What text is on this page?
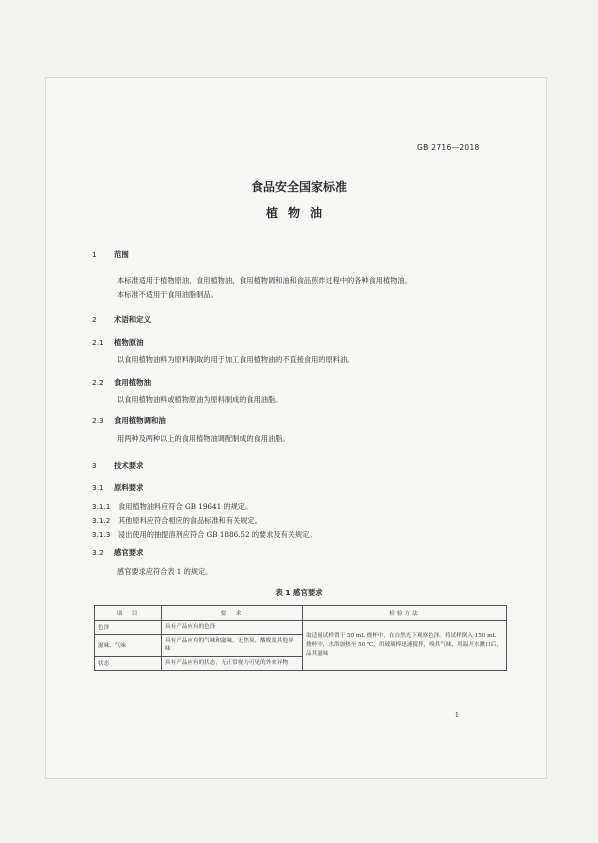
GB 2716—2018
食品安全国家标准
植物油
1 范围
本标准适用于植物原油、食用植物油、食用植物调和油和食品煎炸过程中的各种食用植物油。
本标准不适用于食用油脂制品。
2 术语和定义
2.1 植物原油
以食用植物油料为原料制取的用于加工食用植物油的不直接食用的原料油。
2.2 食用植物油
以食用植物油料或植物原油为原料制成的食用油脂。
2.3 食用植物调和油
用两种及两种以上的食用植物油调配制成的食用油脂。
3 技术要求
3.1 原料要求
3.1.1 食用植物油料应符合 GB 19641 的规定。
3.1.2 其他原料应符合相应的食品标准和有关规定。
3.1.3 浸出使用的抽提溶剂应符合 GB 1886.52 的要求及有关规定。
3.2 感官要求
感官要求应符合表 1 的规定。
表 1 感官要求
项　目	要　求	检验方法
色泽	具有产品应有的色泽	取适量试样置于 50 mL 烧杯中，在自然光下观察色泽。将试样倒入 150 mL 烧杯中，水浴加热至 50 ℃，用玻璃棒迅速搅拌，嗅其气味，用温开水漱口后，品其滋味
滋味、气味	具有产品应有的气味和滋味，无焦臭、酸败及其他异味	
状态	具有产品应有的状态，无正常视力可见的外来异物	
1
